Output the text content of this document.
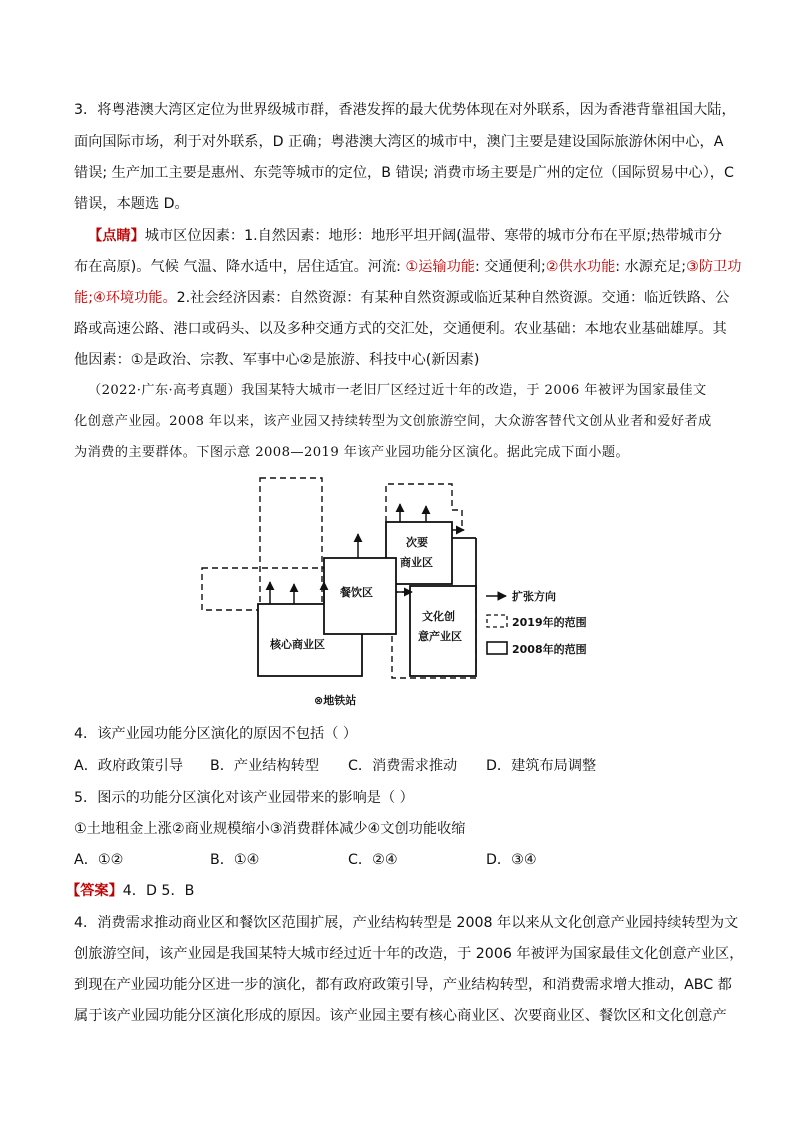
3．将粤港澳大湾区定位为世界级城市群，香港发挥的最大优势体现在对外联系，因为香港背靠祖国大陆，
面向国际市场，利于对外联系，D 正确；粤港澳大湾区的城市中，澳门主要是建设国际旅游休闲中心，A
错误; 生产加工主要是惠州、东莞等城市的定位，B 错误; 消费市场主要是广州的定位（国际贸易中心），C
错误，本题选 D。
【点睛】城市区位因素：1.自然因素：地形：地形平坦开阔(温带、寒带的城市分布在平原;热带城市分
布在高原)。气候 气温、降水适中，居住适宜。河流: ①运输功能: 交通便利;②供水功能: 水源充足;③防卫功
能;④环境功能。2.社会经济因素：自然资源：有某种自然资源或临近某种自然资源。交通：临近铁路、公
路或高速公路、港口或码头、以及多种交通方式的交汇处，交通便利。农业基础：本地农业基础雄厚。其
他因素：①是政治、宗教、军事中心②是旅游、科技中心(新因素)
（2022·广东·高考真题）我国某特大城市一老旧厂区经过近十年的改造，于 2006 年被评为国家最佳文
化创意产业园。2008 年以来，该产业园又持续转型为文创旅游空间，大众游客替代文创从业者和爱好者成
为消费的主要群体。下图示意 2008—2019 年该产业园功能分区演化。据此完成下面小题。
次要
商业区
餐饮区
核心商业区
文化创
意产业区
⊗地铁站
扩张方向
2019年的范围
2008年的范围
4．该产业园功能分区演化的原因不包括（ ）
A．政府政策引导 B．产业结构转型 C．消费需求推动 D．建筑布局调整
5．图示的功能分区演化对该产业园带来的影响是（ ）
①土地租金上涨②商业规模缩小③消费群体减少④文创功能收缩
A．①②	B．①④	C．②④	D．③④
【答案】4．D 5．B
4．消费需求推动商业区和餐饮区范围扩展，产业结构转型是 2008 年以来从文化创意产业园持续转型为文
创旅游空间，该产业园是我国某特大城市经过近十年的改造，于 2006 年被评为国家最佳文化创意产业区，
到现在产业园功能分区进一步的演化，都有政府政策引导，产业结构转型，和消费需求增大推动，ABC 都
属于该产业园功能分区演化形成的原因。该产业园主要有核心商业区、次要商业区、餐饮区和文化创意产
